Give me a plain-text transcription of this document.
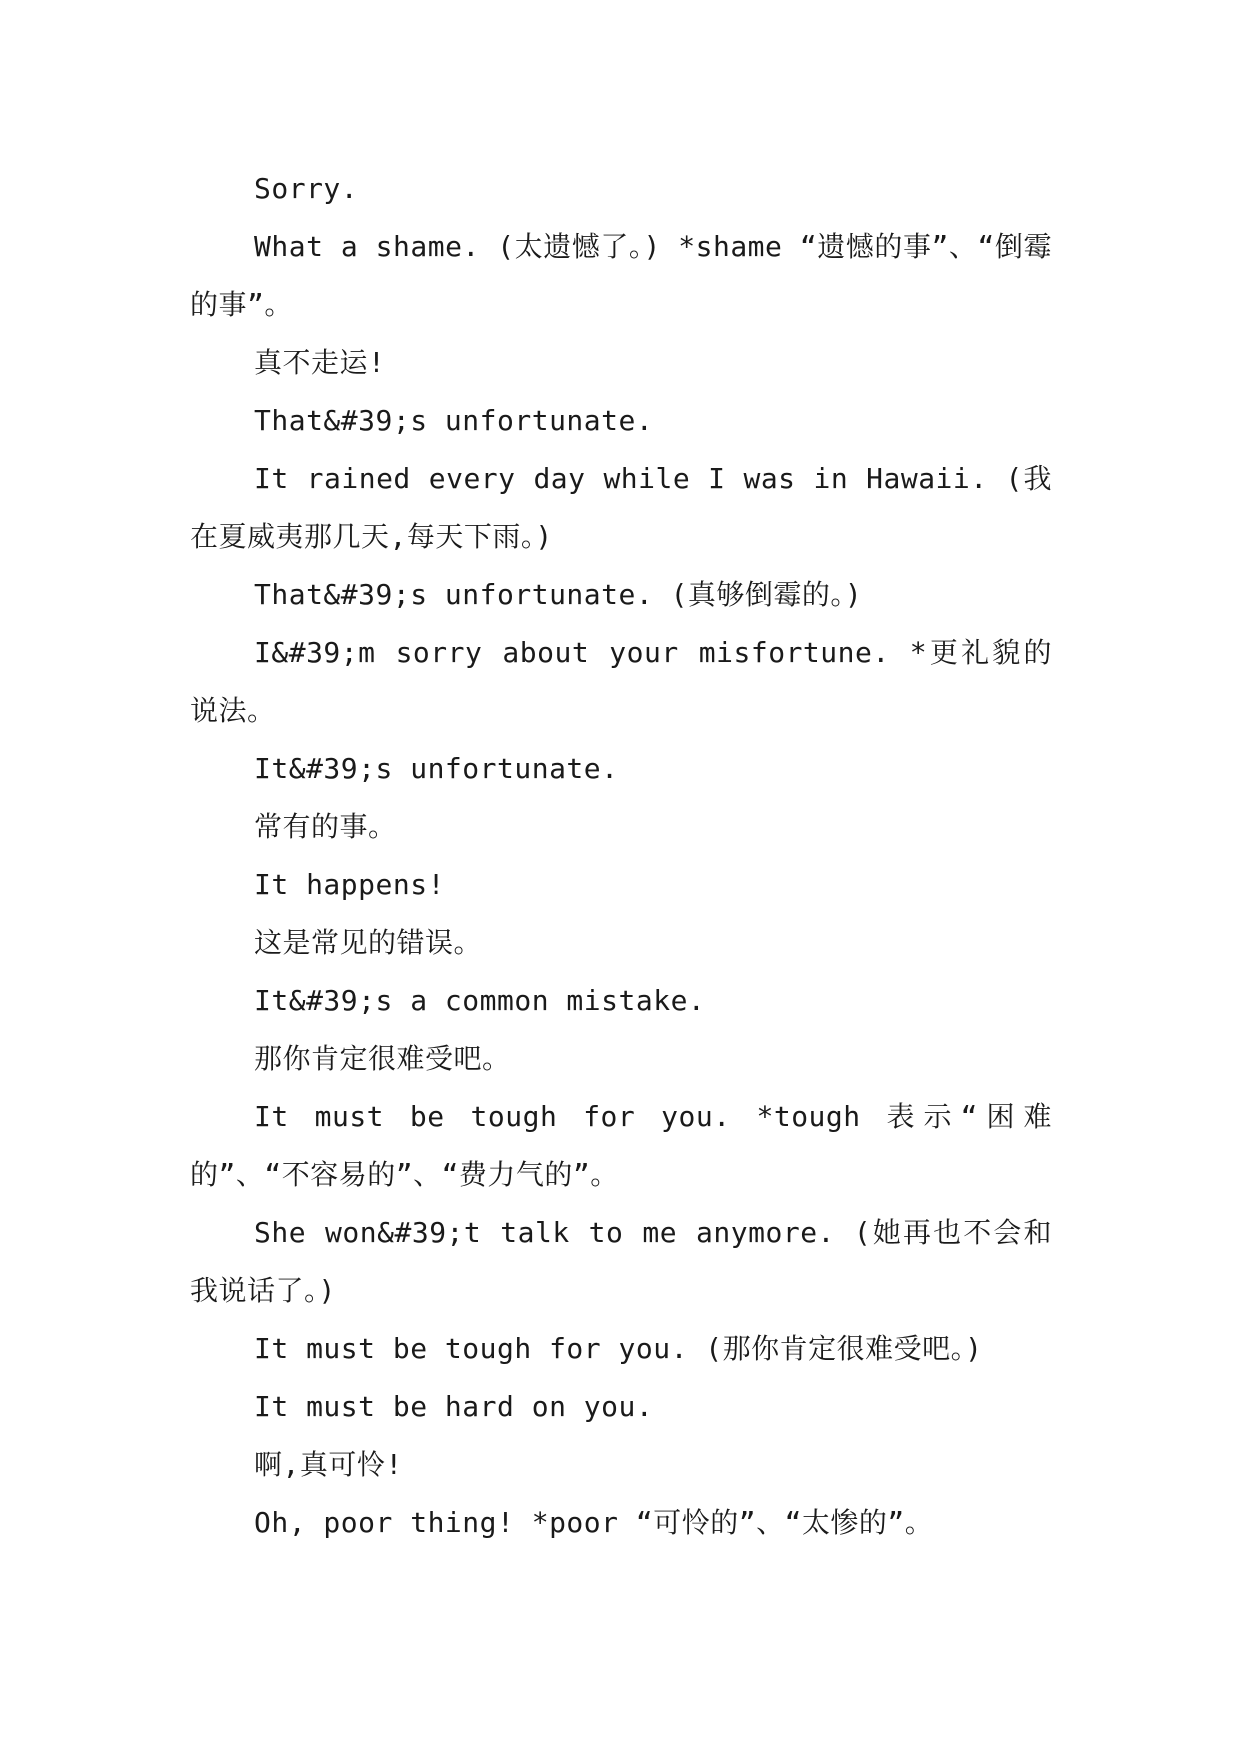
Sorry.

What a shame. (太遗憾了。) *shame “遗憾的事”、“倒霉的事”。

真不走运!

That&#39;s unfortunate.

It rained every day while I was in Hawaii. (我在夏威夷那几天,每天下雨。)

That&#39;s unfortunate. (真够倒霉的。)

I&#39;m sorry about your misfortune. *更礼貌的说法。

It&#39;s unfortunate.

常有的事。

It happens!

这是常见的错误。

It&#39;s a common mistake.

那你肯定很难受吧。

It must be tough for you. *tough 表示“困难的”、“不容易的”、“费力气的”。

She won&#39;t talk to me anymore. (她再也不会和我说话了。)

It must be tough for you. (那你肯定很难受吧。)

It must be hard on you.

啊,真可怜!

Oh, poor thing! *poor “可怜的”、“太惨的”。
